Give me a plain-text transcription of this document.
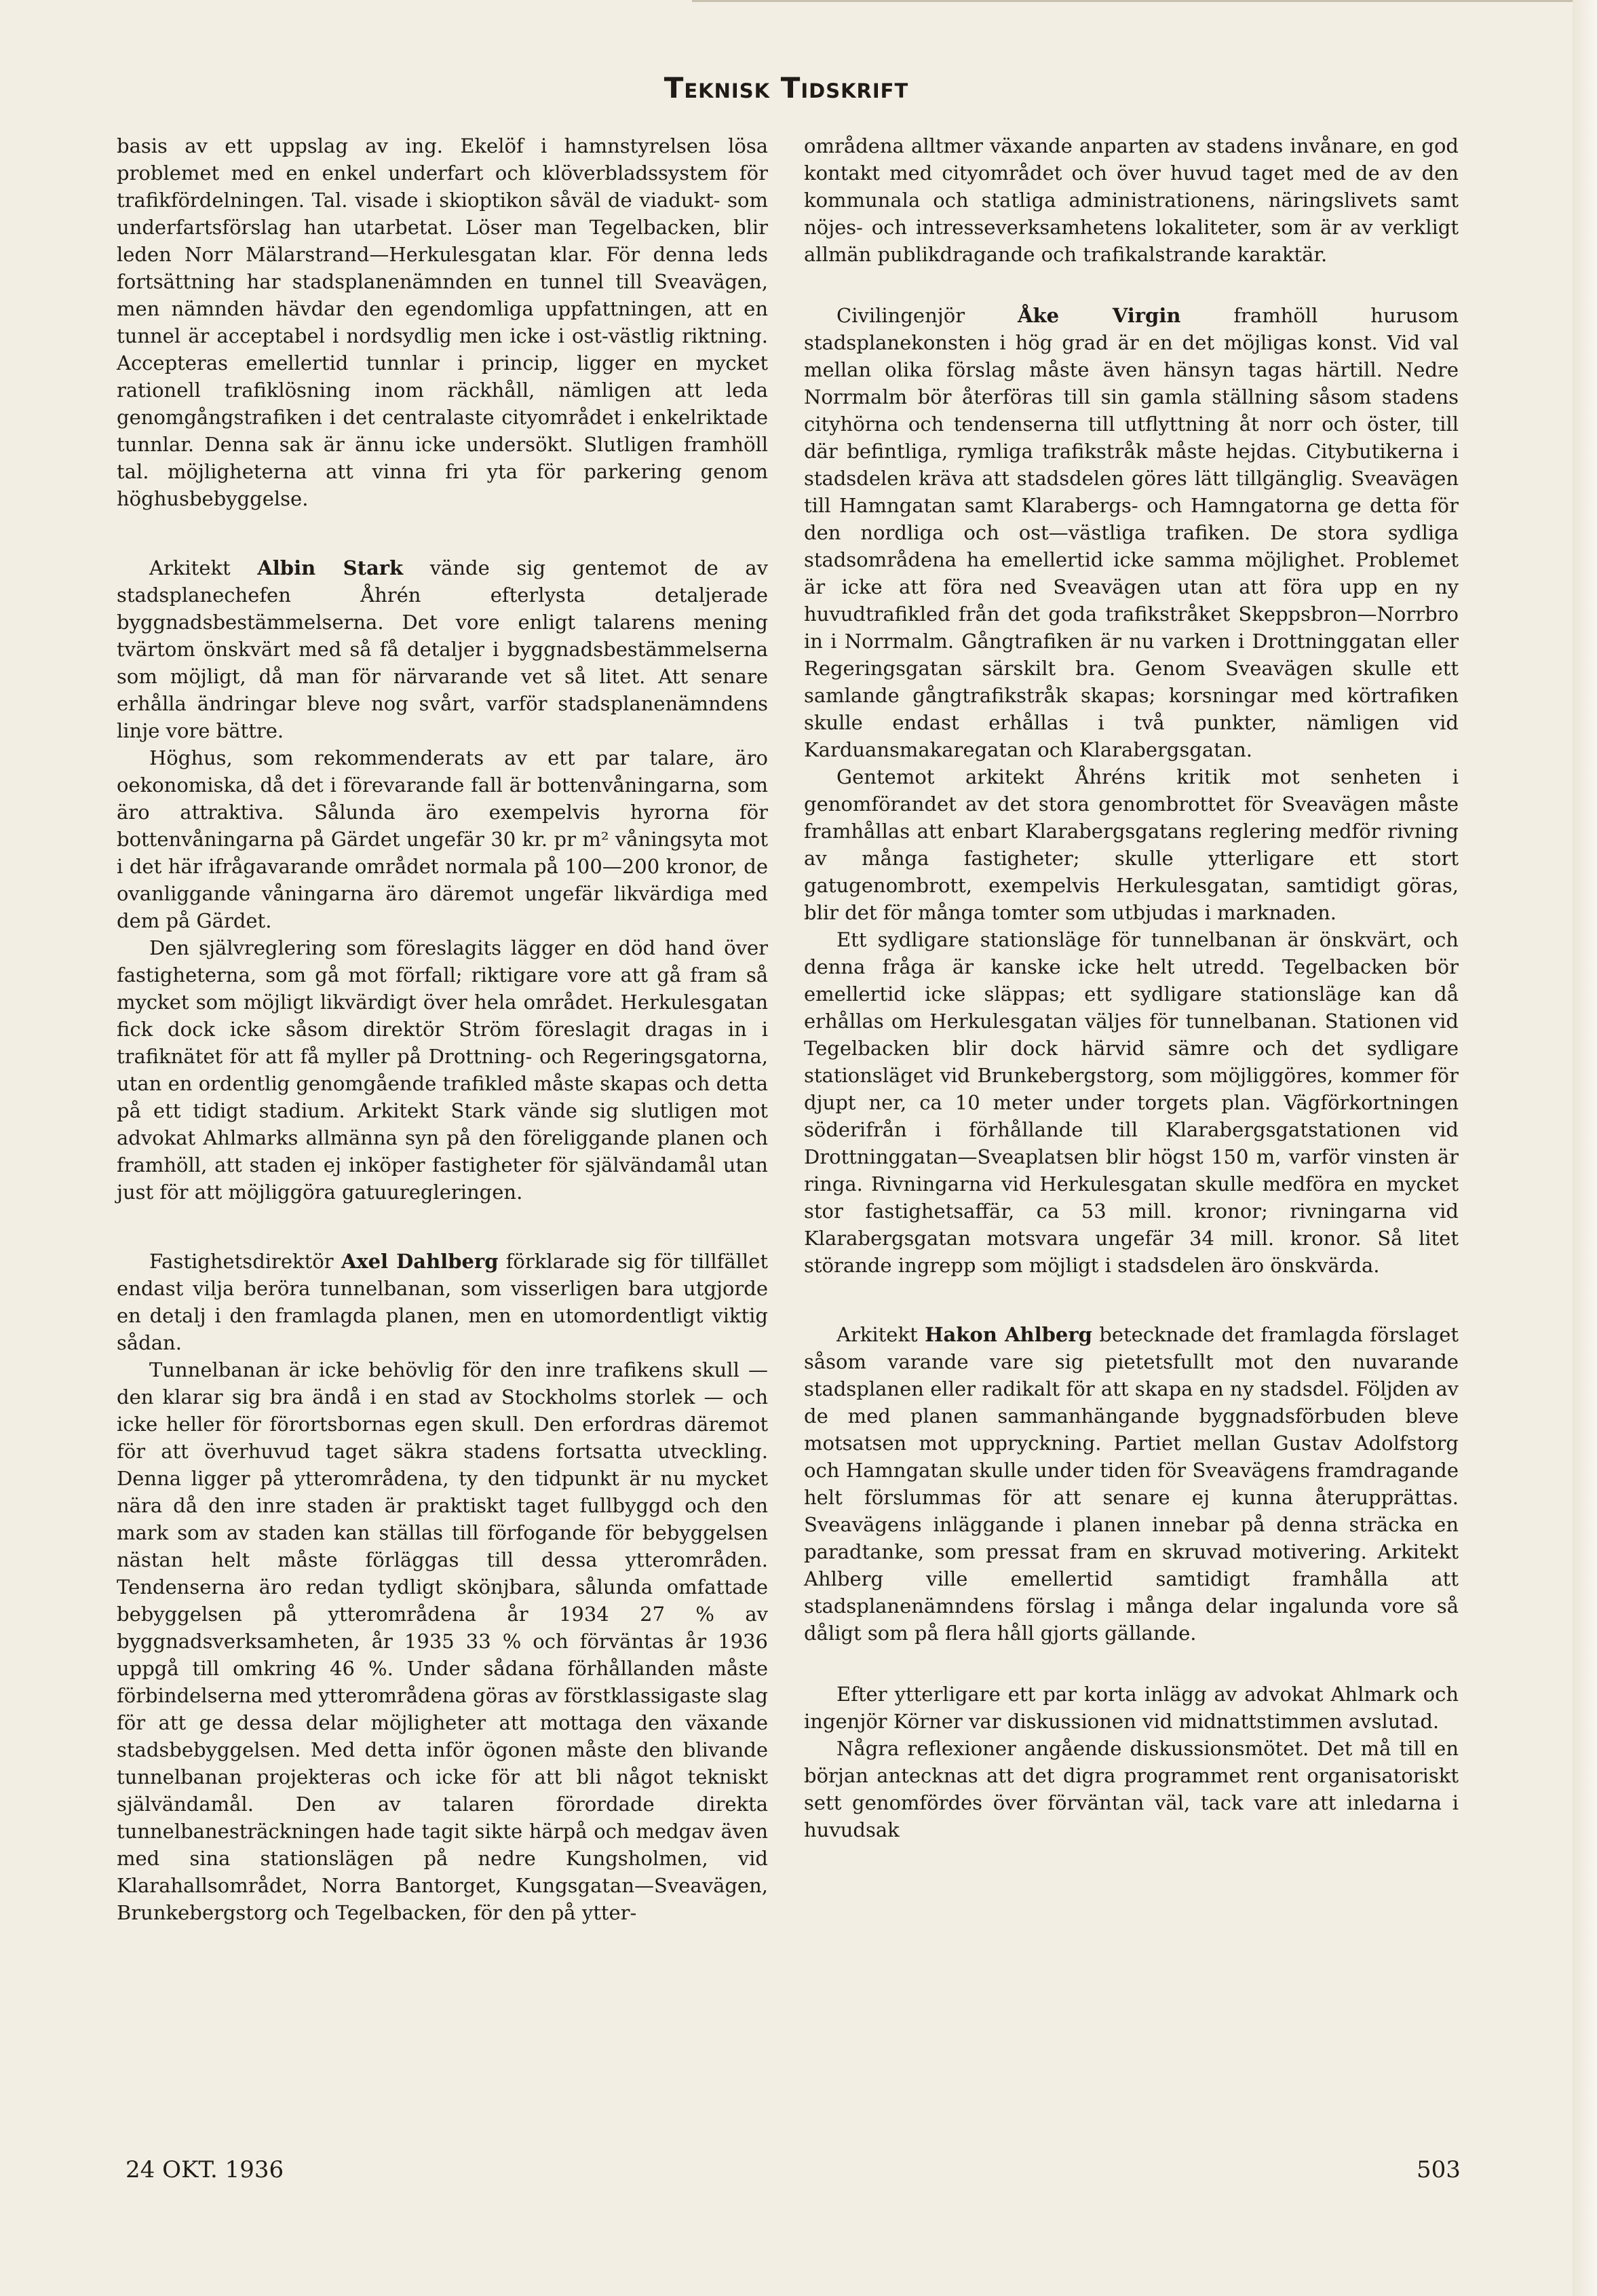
Teknisk Tidskrift

basis av ett uppslag av ing. Ekelöf i hamnstyrelsen lösa problemet med en enkel underfart och klöverbladssystem för trafikfördelningen. Tal. visade i skioptikon såväl de viadukt- som underfartsförslag han utarbetat. Löser man Tegelbacken, blir leden Norr Mälarstrand—Herkulesgatan klar. För denna leds fortsättning har stadsplanenämnden en tunnel till Sveavägen, men nämnden hävdar den egendomliga uppfattningen, att en tunnel är acceptabel i nordsydlig men icke i ost-västlig riktning. Accepteras emellertid tunnlar i princip, ligger en mycket rationell trafiklösning inom räckhåll, nämligen att leda genomgångstrafiken i det centralaste cityområdet i enkelriktade tunnlar. Denna sak är ännu icke undersökt. Slutligen framhöll tal. möjligheterna att vinna fri yta för parkering genom höghusbebyggelse.

Arkitekt Albin Stark vände sig gentemot de av stadsplanechefen Åhrén efterlysta detaljerade byggnadsbestämmelserna. Det vore enligt talarens mening tvärtom önskvärt med så få detaljer i byggnadsbestämmelserna som möjligt, då man för närvarande vet så litet. Att senare erhålla ändringar bleve nog svårt, varför stadsplanenämndens linje vore bättre.

Höghus, som rekommenderats av ett par talare, äro oekonomiska, då det i förevarande fall är bottenvåningarna, som äro attraktiva. Sålunda äro exempelvis hyrorna för bottenvåningarna på Gärdet ungefär 30 kr. pr m² våningsyta mot i det här ifrågavarande området normala på 100—200 kronor, de ovanliggande våningarna äro däremot ungefär likvärdiga med dem på Gärdet.

Den självreglering som föreslagits lägger en död hand över fastigheterna, som gå mot förfall; riktigare vore att gå fram så mycket som möjligt likvärdigt över hela området. Herkulesgatan fick dock icke såsom direktör Ström föreslagit dragas in i trafiknätet för att få myller på Drottning- och Regeringsgatorna, utan en ordentlig genomgående trafikled måste skapas och detta på ett tidigt stadium. Arkitekt Stark vände sig slutligen mot advokat Ahlmarks allmänna syn på den föreliggande planen och framhöll, att staden ej inköper fastigheter för självändamål utan just för att möjliggöra gatuuregleringen.

Fastighetsdirektör Axel Dahlberg förklarade sig för tillfället endast vilja beröra tunnelbanan, som visserligen bara utgjorde en detalj i den framlagda planen, men en utomordentligt viktig sådan.

Tunnelbanan är icke behövlig för den inre trafikens skull — den klarar sig bra ändå i en stad av Stockholms storlek — och icke heller för förortsbornas egen skull. Den erfordras däremot för att överhuvud taget säkra stadens fortsatta utveckling. Denna ligger på ytterområdena, ty den tidpunkt är nu mycket nära då den inre staden är praktiskt taget fullbyggd och den mark som av staden kan ställas till förfogande för bebyggelsen nästan helt måste förläggas till dessa ytterområden. Tendenserna äro redan tydligt skönjbara, sålunda omfattade bebyggelsen på ytterområdena år 1934 27 % av byggnadsverksamheten, år 1935 33 % och förväntas år 1936 uppgå till omkring 46 %. Under sådana förhållanden måste förbindelserna med ytterområdena göras av förstklassigaste slag för att ge dessa delar möjligheter att mottaga den växande stadsbebyggelsen. Med detta inför ögonen måste den blivande tunnelbanan projekteras och icke för att bli något tekniskt självändamål. Den av talaren förordade direkta tunnelbanesträckningen hade tagit sikte härpå och medgav även med sina stationslägen på nedre Kungsholmen, vid Klarahallsområdet, Norra Bantorget, Kungsgatan—Sveavägen, Brunkebergstorg och Tegelbacken, för den på ytter-

områdena alltmer växande anparten av stadens invånare, en god kontakt med cityområdet och över huvud taget med de av den kommunala och statliga administrationens, näringslivets samt nöjes- och intresseverksamhetens lokaliteter, som är av verkligt allmän publikdragande och trafikalstrande karaktär.

Civilingenjör	Åke Virgin	framhöll hurusom stadsplanekonsten i hög grad är en det möjligas konst. Vid val mellan olika förslag måste även hänsyn tagas härtill. Nedre Norrmalm bör återföras till sin gamla ställning såsom stadens cityhörna och tendenserna till utflyttning åt norr och öster, till där befintliga, rymliga trafikstråk måste hejdas. Citybutikerna i stadsdelen kräva att stadsdelen göres lätt tillgänglig. Sveavägen till Hamngatan samt Klarabergs- och Hamngatorna ge detta för den nordliga och ost—västliga trafiken. De stora sydliga stadsområdena ha emellertid icke samma möjlighet. Problemet är icke att föra ned Sveavägen utan att föra upp en ny huvudtrafikled från det goda trafikstråket Skeppsbron—Norrbro in i Norrmalm. Gångtrafiken är nu varken i Drottninggatan eller Regeringsgatan särskilt bra. Genom Sveavägen skulle ett samlande gångtrafikstråk skapas; korsningar med körtrafiken skulle endast erhållas i två punkter, nämligen vid Karduansmakaregatan och Klarabergsgatan.

Gentemot arkitekt Åhréns kritik mot senheten i genomförandet av det stora genombrottet för Sveavägen måste framhållas att enbart Klarabergsgatans reglering medför rivning av många fastigheter; skulle ytterligare ett stort gatugenombrott, exempelvis Herkulesgatan, samtidigt göras, blir det för många tomter som utbjudas i marknaden.

Ett sydligare stationsläge för tunnelbanan är önskvärt, och denna fråga är kanske icke helt utredd. Tegelbacken bör emellertid icke släppas; ett sydligare stationsläge kan då erhållas om Herkulesgatan väljes för tunnelbanan. Stationen vid Tegelbacken blir dock härvid sämre och det sydligare stationsläget vid Brunkebergstorg, som möjliggöres, kommer för djupt ner, ca 10 meter under torgets plan. Vägförkortningen söderifrån i förhållande till Klarabergsgatstationen vid Drottninggatan—Sveaplatsen blir högst 150 m, varför vinsten är ringa. Rivningarna vid Herkulesgatan skulle medföra en mycket stor fastighetsaffär, ca 53 mill. kronor; rivningarna vid Klarabergsgatan motsvara ungefär 34 mill. kronor. Så litet störande ingrepp som möjligt i stadsdelen äro önskvärda.

Arkitekt Hakon Ahlberg betecknade det framlagda förslaget såsom varande vare sig pietetsfullt mot den nuvarande stadsplanen eller radikalt för att skapa en ny stadsdel. Följden av de med planen sammanhängande byggnadsförbuden bleve motsatsen mot uppryckning. Partiet mellan Gustav Adolfstorg och Hamngatan skulle under tiden för Sveavägens framdragande helt förslummas för att senare ej kunna återupprättas. Sveavägens inläggande i planen innebar på denna sträcka en paradtanke, som pressat fram en skruvad motivering. Arkitekt Ahlberg ville emellertid samtidigt framhålla att stadsplanenämndens förslag i många delar ingalunda vore så dåligt som på flera håll gjorts gällande.

Efter ytterligare ett par korta inlägg av advokat Ahlmark och ingenjör Körner var diskussionen vid midnattstimmen avslutad.

Några reflexioner angående diskussionsmötet. Det må till en början antecknas att det digra programmet rent organisatoriskt sett genomfördes över förväntan väl, tack vare att inledarna i huvudsak

24 OKT. 1936	503
